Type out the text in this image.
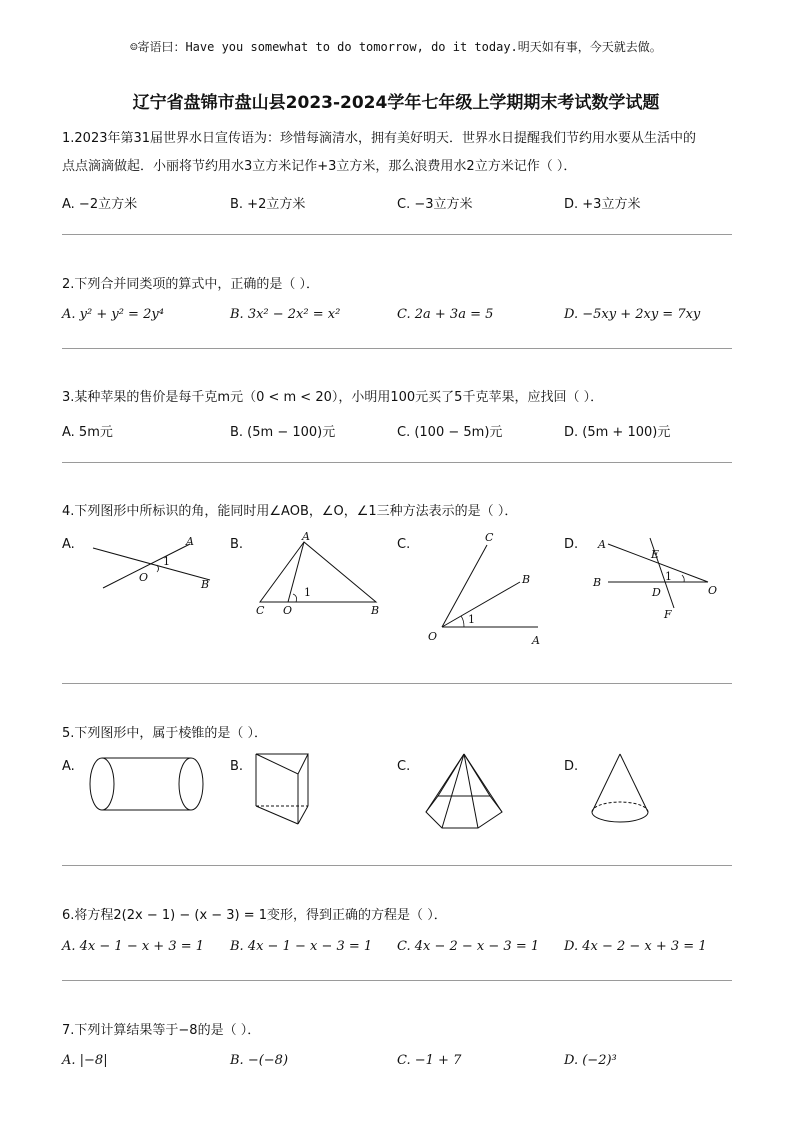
☺寄语曰：Have you somewhat to do tomorrow, do it today.明天如有事，今天就去做。
辽宁省盘锦市盘山县2023-2024学年七年级上学期期末考试数学试题
1.2023年第31届世界水日宣传语为：珍惜每滴清水，拥有美好明天．世界水日提醒我们节约用水要从生活中的
点点滴滴做起．小丽将节约用水3立方米记作+3立方米，那么浪费用水2立方米记作（ ）．
A. −2立方米	B. +2立方米	C. −3立方米	D. +3立方米
2.下列合并同类项的算式中，正确的是（ ）．
A. y² + y² = 2y⁴	B. 3x² − 2x² = x²	C. 2a + 3a = 5	D. −5xy + 2xy = 7xy
3.某种苹果的售价是每千克m元（0 < m < 20），小明用100元买了5千克苹果，应找回（ ）．
A. 5m元	B. (5m − 100)元	C. (100 − 5m)元	D. (5m + 100)元
4.下列图形中所标识的角，能同时用∠AOB，∠O，∠1三种方法表示的是（ ）．
A.	B.	C.	D.
A
O
1
B
A
C O
1
B
C
B
O
1
A
A
E
B	1
O
D
F
5.下列图形中，属于棱锥的是（ ）．
A.	B.	C.	D.
6.将方程2(2x − 1) − (x − 3) = 1变形，得到正确的方程是（ ）．
A. 4x − 1 − x + 3 = 1 B. 4x − 1 − x − 3 = 1 C. 4x − 2 − x − 3 = 1 D. 4x − 2 − x + 3 = 1
7.下列计算结果等于−8的是（ ）．
A. |−8|	B. −(−8)	C. −1 + 7	D. (−2)³
